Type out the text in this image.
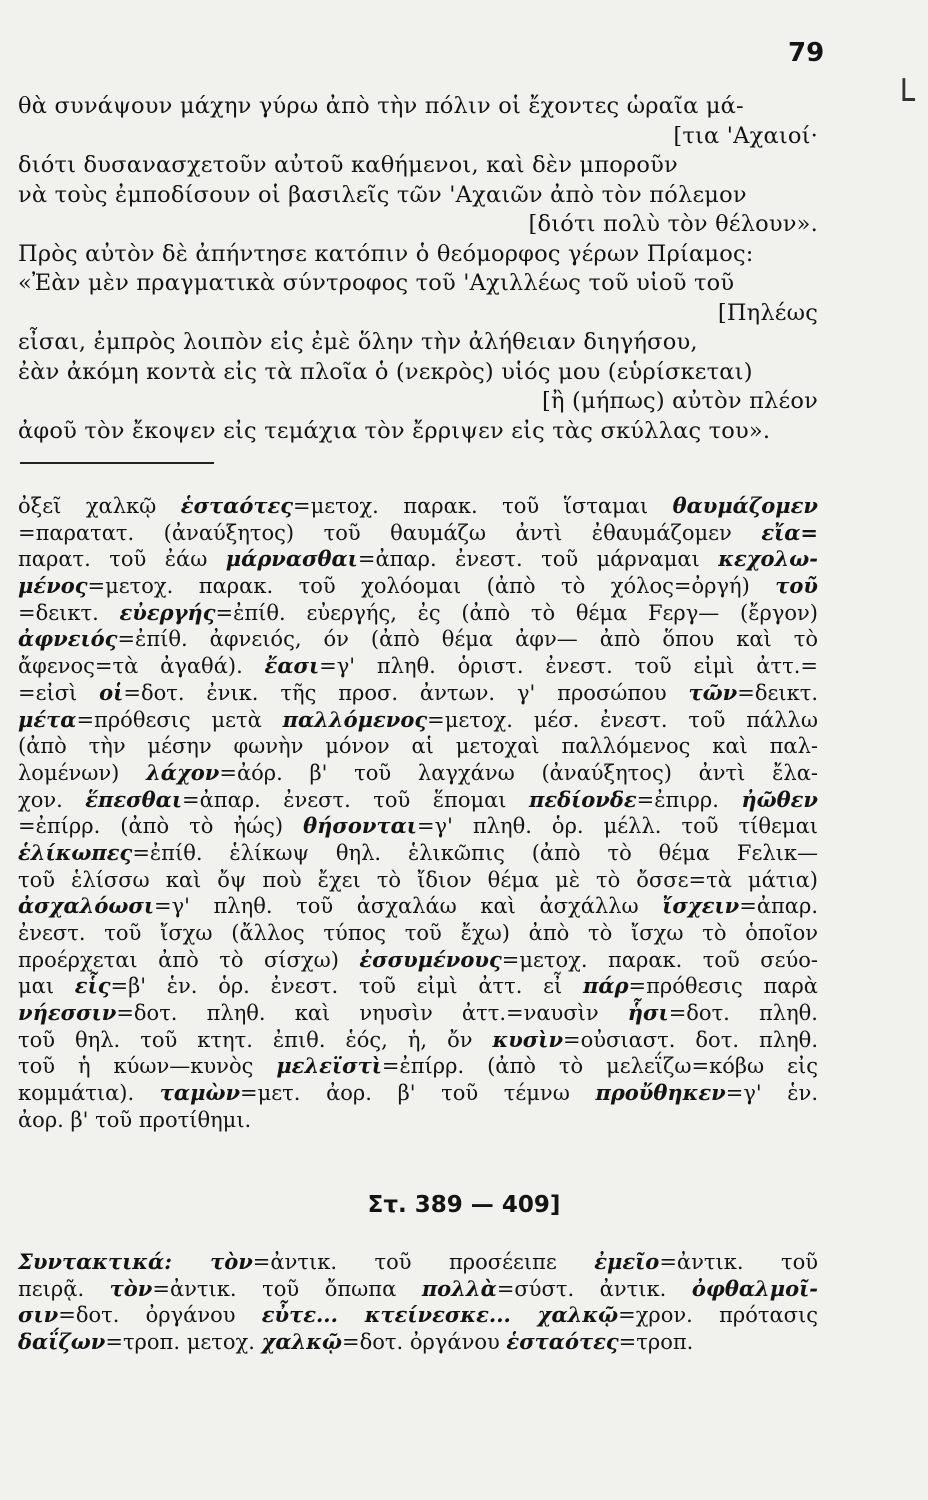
79
└
θὰ συνάψουν μάχην γύρω ἀπὸ τὴν πόλιν οἱ ἔχοντες ὡραῖα μά-
[τια 'Αχαιοί·
διότι δυσανασχετοῦν αὐτοῦ καθήμενοι, καὶ δὲν μποροῦν
νὰ τοὺς ἐμποδίσουν οἱ βασιλεῖς τῶν 'Αχαιῶν ἀπὸ τὸν πόλεμον
[διότι πολὺ τὸν θέλουν».
Πρὸς αὐτὸν δὲ ἀπήντησε κατόπιν ὁ θεόμορφος γέρων Πρίαμος:
«Ἐὰν μὲν πραγματικὰ σύντροφος τοῦ 'Αχιλλέως τοῦ υἱοῦ τοῦ
[Πηλέως
εἶσαι, ἐμπρὸς λοιπὸν εἰς ἐμὲ ὅλην τὴν ἀλήθειαν διηγήσου,
ἐὰν ἀκόμη κοντὰ εἰς τὰ πλοῖα ὁ (νεκρὸς) υἱός μου (εὑρίσκεται)
[ἢ (μήπως) αὐτὸν πλέον
ἀφοῦ τὸν ἔκοψεν εἰς τεμάχια τὸν ἔρριψεν εἰς τὰς σκύλλας του».
ὀξεῖ χαλκῷ ἑσταότες=μετοχ. παρακ. τοῦ ἵσταμαι θαυμάζομεν
=παρατατ. (ἀναύξητος) τοῦ θαυμάζω ἀντὶ ἐθαυμάζομεν εἴα=
παρατ. τοῦ ἐάω μάρνασθαι=ἀπαρ. ἐνεστ. τοῦ μάρναμαι κεχολω-
μένος=μετοχ. παρακ. τοῦ χολόομαι (ἀπὸ τὸ χόλος=ὀργή) τοῦ
=δεικτ. εὐεργής=ἐπίθ. εὐεργής, ἐς (ἀπὸ τὸ θέμα Fεργ— (ἔργον)
ἀφνειός=ἐπίθ. ἀφνειός, όν (ἀπὸ θέμα ἀφν— ἀπὸ ὅπου καὶ τὸ
ἄφενος=τὰ ἀγαθά). ἔασι=γ' πληθ. ὁριστ. ἐνεστ. τοῦ εἰμὶ ἀττ.=
=εἰσὶ οἱ=δοτ. ἐνικ. τῆς προσ. ἀντων. γ' προσώπου τῶν=δεικτ.
μέτα=πρόθεσις μετὰ παλλόμενος=μετοχ. μέσ. ἐνεστ. τοῦ πάλλω
(ἀπὸ τὴν μέσην φωνὴν μόνον αἱ μετοχαὶ παλλόμενος καὶ παλ-
λομένων) λάχον=ἀόρ. β' τοῦ λαγχάνω (ἀναύξητος) ἀντὶ ἔλα-
χον. ἕπεσθαι=ἀπαρ. ἐνεστ. τοῦ ἕπομαι πεδίονδε=ἐπιρρ. ἠῶθεν
=ἐπίρρ. (ἀπὸ τὸ ἠώς) θήσονται=γ' πληθ. ὁρ. μέλλ. τοῦ τίθεμαι
ἑλίκωπες=ἐπίθ. ἑλίκωψ θηλ. ἑλικῶπις (ἀπὸ τὸ θέμα Fελικ—
τοῦ ἑλίσσω καὶ ὄψ ποὺ ἔχει τὸ ἴδιον θέμα μὲ τὸ ὄσσε=τὰ μάτια)
ἀσχαλόωσι=γ' πληθ. τοῦ ἀσχαλάω καὶ ἀσχάλλω ἴσχειν=ἀπαρ.
ἐνεστ. τοῦ ἴσχω (ἄλλος τύπος τοῦ ἔχω) ἀπὸ τὸ ἴσχω τὸ ὁποῖον
προέρχεται ἀπὸ τὸ σίσχω) ἐσσυμένους=μετοχ. παρακ. τοῦ σεύο-
μαι εἷς=β' ἑν. ὁρ. ἐνεστ. τοῦ εἰμὶ ἀττ. εἶ πάρ=πρόθεσις παρὰ
νήεσσιν=δοτ. πληθ. καὶ νηυσὶν ἀττ.=ναυσὶν ἧσι=δοτ. πληθ.
τοῦ θηλ. τοῦ κτητ. ἐπιθ. ἑός, ἡ, ὄν κυσὶν=οὐσιαστ. δοτ. πληθ.
τοῦ ἡ κύων—κυνὸς μελεϊστὶ=ἐπίρρ. (ἀπὸ τὸ μελεΐζω=κόβω εἰς
κομμάτια). ταμὼν=μετ. ἀορ. β' τοῦ τέμνω προὔθηκεν=γ' ἑν.
ἀορ. β' τοῦ προτίθημι.
Στ. 389 — 409]
Συντακτικά: τὸν=ἀντικ. τοῦ προσέειπε ἐμεῖο=ἀντικ. τοῦ
πειρᾷ. τὸν=ἀντικ. τοῦ ὄπωπα πολλὰ=σύστ. ἀντικ. ὀφθαλμοῖ-
σιν=δοτ. ὀργάνου εὖτε... κτείνεσκε... χαλκῷ=χρον. πρότασις
δαΐζων=τροπ. μετοχ. χαλκῷ=δοτ. ὀργάνου ἑσταότες=τροπ.
